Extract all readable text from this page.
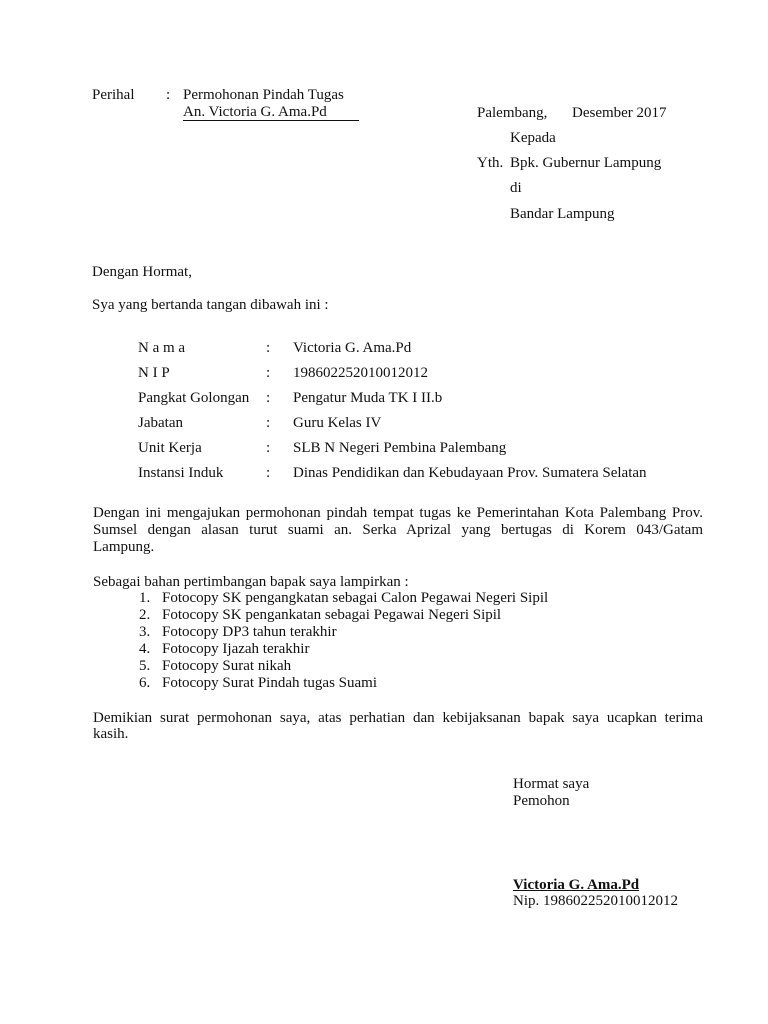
Perihal : Permohonan Pindah Tugas
An. Victoria G. Ama.Pd	Palembang, Desember 2017
Kepada
Yth. Bpk. Gubernur Lampung
di
Bandar Lampung
Dengan Hormat,
Sya yang bertanda tangan dibawah ini :
N a m a	: Victoria G. Ama.Pd
N I P	: 198602252010012012
Pangkat Golongan : Pengatur Muda TK I II.b
Jabatan	: Guru Kelas IV
Unit Kerja	: SLB N Negeri Pembina Palembang
Instansi Induk	: Dinas Pendidikan dan Kebudayaan Prov. Sumatera Selatan
Dengan ini mengajukan permohonan pindah tempat tugas ke Pemerintahan Kota Palembang Prov. Sumsel dengan alasan turut suami an. Serka Aprizal yang bertugas di Korem 043/Gatam
Lampung.
Sebagai bahan pertimbangan bapak saya lampirkan :
1. Fotocopy SK pengangkatan sebagai Calon Pegawai Negeri Sipil
2. Fotocopy SK pengankatan sebagai Pegawai Negeri Sipil
3. Fotocopy DP3 tahun terakhir
4. Fotocopy Ijazah terakhir
5. Fotocopy Surat nikah
6. Fotocopy Surat Pindah tugas Suami
Demikian surat permohonan saya, atas perhatian dan kebijaksanan bapak saya ucapkan terima
kasih.
Hormat saya
Pemohon
Victoria G. Ama.Pd
Nip. 198602252010012012
